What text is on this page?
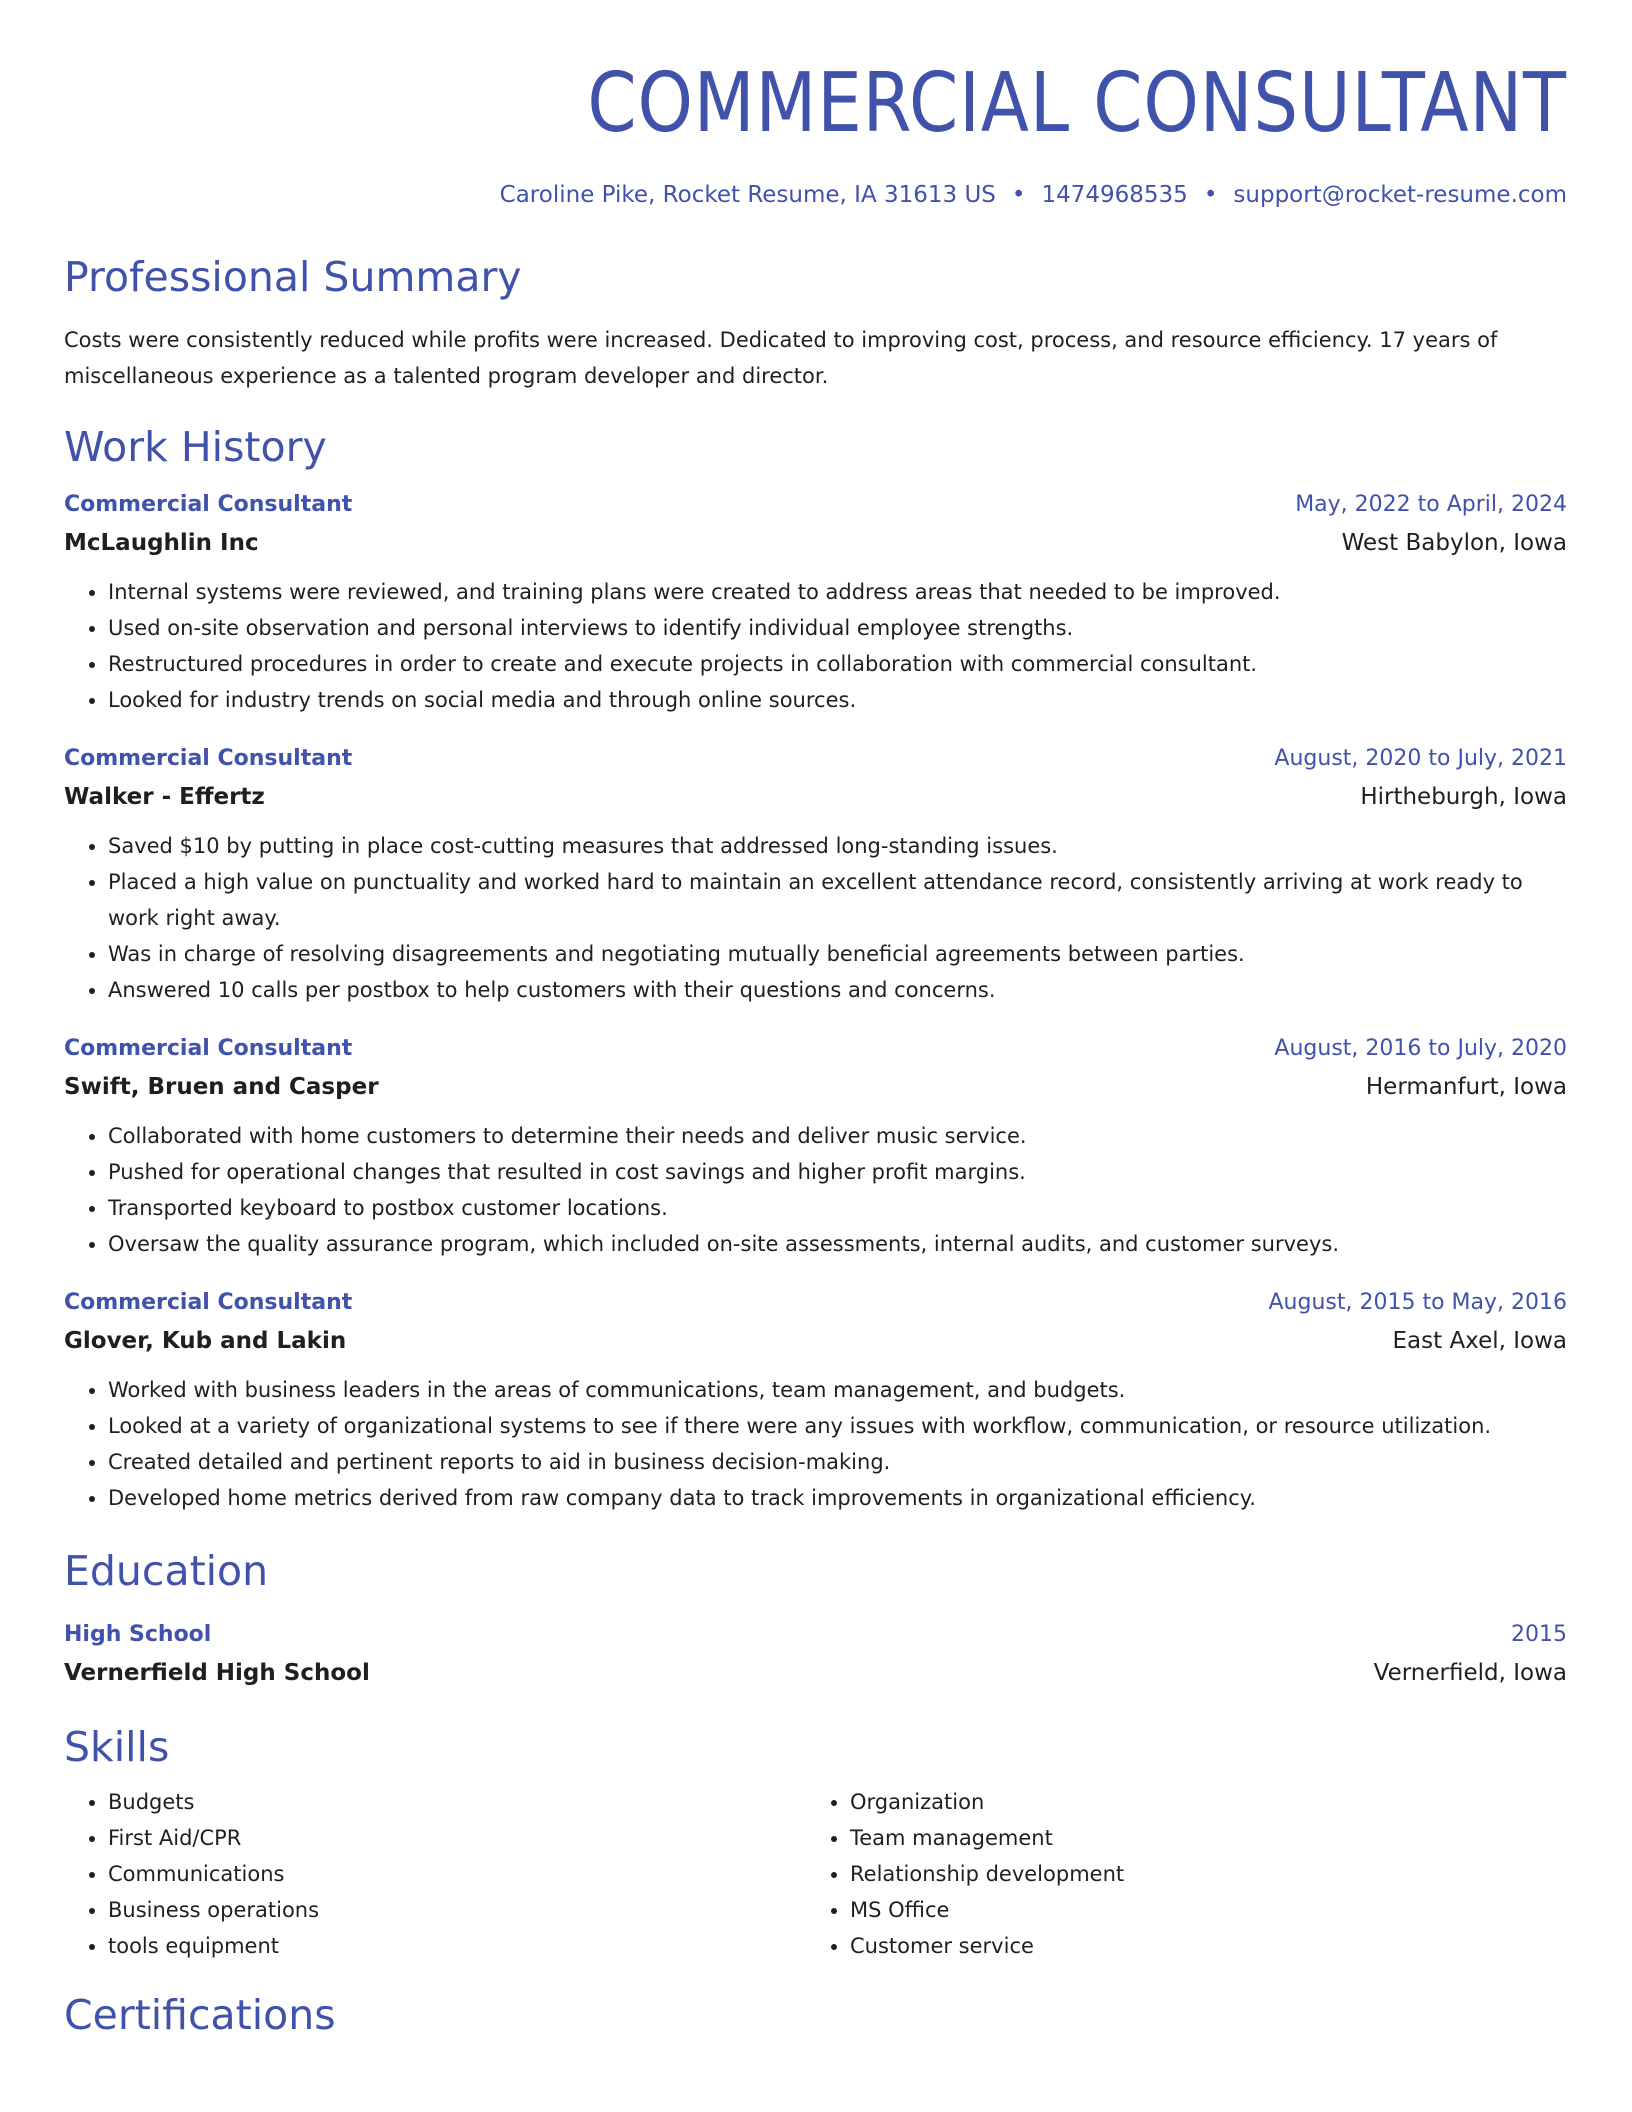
COMMERCIAL CONSULTANT
Caroline Pike, Rocket Resume, IA 31613 US • 1474968535 • support@rocket-resume.com
Professional Summary
Costs were consistently reduced while profits were increased. Dedicated to improving cost, process, and resource efficiency. 17 years of miscellaneous experience as a talented program developer and director.
Work History
Commercial Consultant	May, 2022 to April, 2024
McLaughlin Inc	West Babylon, Iowa
• Internal systems were reviewed, and training plans were created to address areas that needed to be improved.
• Used on-site observation and personal interviews to identify individual employee strengths.
• Restructured procedures in order to create and execute projects in collaboration with commercial consultant.
• Looked for industry trends on social media and through online sources.
Commercial Consultant	August, 2020 to July, 2021
Walker - Effertz	Hirtheburgh, Iowa
• Saved $10 by putting in place cost-cutting measures that addressed long-standing issues.
• Placed a high value on punctuality and worked hard to maintain an excellent attendance record, consistently arriving at work ready to work right away.
• Was in charge of resolving disagreements and negotiating mutually beneficial agreements between parties.
• Answered 10 calls per postbox to help customers with their questions and concerns.
Commercial Consultant	August, 2016 to July, 2020
Swift, Bruen and Casper	Hermanfurt, Iowa
• Collaborated with home customers to determine their needs and deliver music service.
• Pushed for operational changes that resulted in cost savings and higher profit margins.
• Transported keyboard to postbox customer locations.
• Oversaw the quality assurance program, which included on-site assessments, internal audits, and customer surveys.
Commercial Consultant	August, 2015 to May, 2016
Glover, Kub and Lakin	East Axel, Iowa
• Worked with business leaders in the areas of communications, team management, and budgets.
• Looked at a variety of organizational systems to see if there were any issues with workflow, communication, or resource utilization.
• Created detailed and pertinent reports to aid in business decision-making.
• Developed home metrics derived from raw company data to track improvements in organizational efficiency.
Education
High School	2015
Vernerfield High School	Vernerfield, Iowa
Skills
• Budgets
• First Aid/CPR
• Communications
• Business operations
• tools equipment
• Organization
• Team management
• Relationship development
• MS Office
• Customer service
Certifications
